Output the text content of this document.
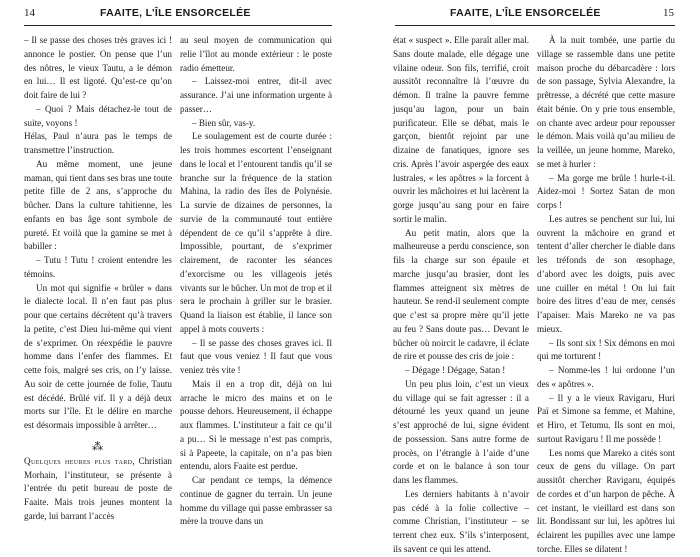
14	FAAITE, L’ÎLE ENSORCELÉE

– Il se passe des choses très graves ici ! annonce le postier. On pense que l’un des nôtres, le vieux Tautu, a le démon en lui… Il est ligoté. Qu’est-ce qu’on doit faire de lui ?

– Quoi ? Mais détachez-le tout de suite, voyons !

Hélas, Paul n’aura pas le temps de transmettre l’instruction.

Au même moment, une jeune maman, qui tient dans ses bras une toute petite fille de 2 ans, s’approche du bûcher. Dans la culture tahitienne, les enfants en bas âge sont symbole de pureté. Et voilà que la gamine se met à babiller :

– Tutu ! Tutu ! croient entendre les témoins.

Un mot qui signifie « brûler » dans le dialecte local. Il n’en faut pas plus pour que certains décrètent qu’à travers la petite, c’est Dieu lui-même qui vient de s’exprimer. On réexpédie le pauvre homme dans l’enfer des flammes. Et cette fois, malgré ses cris, on l’y laisse. Au soir de cette journée de folie, Tautu est décédé. Brûlé vif. Il y a déjà deux morts sur l’île. Et le délire en marche est désormais impossible à arrêter…

⁂

Quelques heures plus tard, Christian Morhain, l’instituteur, se présente à l’entrée du petit bureau de poste de Faaite. Mais trois jeunes montent la garde, lui barrant l’accès

au seul moyen de communication qui relie l’îlot au monde extérieur : le poste radio émetteur.

– Laissez-moi entrer, dit-il avec assurance. J’ai une information urgente à passer…

– Bien sûr, vas-y.

Le soulagement est de courte durée : les trois hommes escortent l’enseignant dans le local et l’entourent tandis qu’il se branche sur la fréquence de la station Mahina, la radio des îles de Polynésie. La survie de dizaines de personnes, la survie de la communauté tout entière dépendent de ce qu’il s’apprête à dire. Impossible, pourtant, de s’exprimer clairement, de raconter les séances d’exorcisme ou les villageois jetés vivants sur le bûcher. Un mot de trop et il sera le prochain à griller sur le brasier. Quand la liaison est établie, il lance son appel à mots couverts :

– Il se passe des choses graves ici. Il faut que vous veniez ! Il faut que vous veniez très vite !

Mais il en a trop dit, déjà on lui arrache le micro des mains et on le pousse dehors. Heureusement, il échappe aux flammes. L’instituteur a fait ce qu’il a pu… Si le message n’est pas compris, si à Papeete, la capitale, on n’a pas bien entendu, alors Faaite est perdue.

Car pendant ce temps, la démence continue de gagner du terrain. Un jeune homme du village qui passe embrasser sa mère la trouve dans un

FAAITE, L’ÎLE ENSORCELÉE	15

état « suspect ». Elle paraît aller mal. Sans doute malade, elle dégage une vilaine odeur. Son fils, terrifié, croit aussitôt reconnaître là l’œuvre du démon. Il traîne la pauvre femme jusqu’au lagon, pour un bain purificateur. Elle se débat, mais le garçon, bientôt rejoint par une dizaine de fanatiques, ignore ses cris. Après l’avoir aspergée des eaux lustrales, « les apôtres » la forcent à ouvrir les mâchoires et lui lacèrent la gorge jusqu’au sang pour en faire sortir le malin.

Au petit matin, alors que la malheureuse a perdu conscience, son fils la charge sur son épaule et marche jusqu’au brasier, dont les flammes atteignent six mètres de hauteur. Se rend-il seulement compte que c’est sa propre mère qu’il jette au feu ? Sans doute pas… Devant le bûcher où noircit le cadavre, il éclate de rire et pousse des cris de joie :

– Dégage ! Dégage, Satan !

Un peu plus loin, c’est un vieux du village qui se fait agresser : il a détourné les yeux quand un jeune s’est approché de lui, signe évident de possession. Sans autre forme de procès, on l’étrangle à l’aide d’une corde et on le balance à son tour dans les flammes.

Les derniers habitants à n’avoir pas cédé à la folie collective – comme Christian, l’instituteur – se terrent chez eux. S’ils s’interposent, ils savent ce qui les attend.

À la nuit tombée, une partie du village se rassemble dans une petite maison proche du débarcadère : lors de son passage, Sylvia Alexandre, la prêtresse, a décrété que cette masure était bénie. On y prie tous ensemble, on chante avec ardeur pour repousser le démon. Mais voilà qu’au milieu de la veillée, un jeune homme, Mareko, se met à hurler :

– Ma gorge me brûle ! hurle-t-il. Aidez-moi ! Sortez Satan de mon corps !

Les autres se penchent sur lui, lui ouvrent la mâchoire en grand et tentent d’aller chercher le diable dans les tréfonds de son œsophage, d’abord avec les doigts, puis avec une cuiller en métal ! On lui fait boire des litres d’eau de mer, censés l’apaiser. Mais Mareko ne va pas mieux.

– Ils sont six ! Six démons en moi qui me torturent !

– Nomme-les ! lui ordonne l’un des « apôtres ».

– Il y a le vieux Ravigaru, Huri Paï et Simone sa femme, et Mahine, et Hiro, et Tetumu. Ils sont en moi, surtout Ravigaru ! Il me possède !

Les noms que Mareko a cités sont ceux de gens du village. On part aussitôt chercher Ravigaru, équipés de cordes et d’un harpon de pêche. À cet instant, le vieillard est dans son lit. Bondissant sur lui, les apôtres lui éclairent les pupilles avec une lampe torche. Elles se dilatent !
